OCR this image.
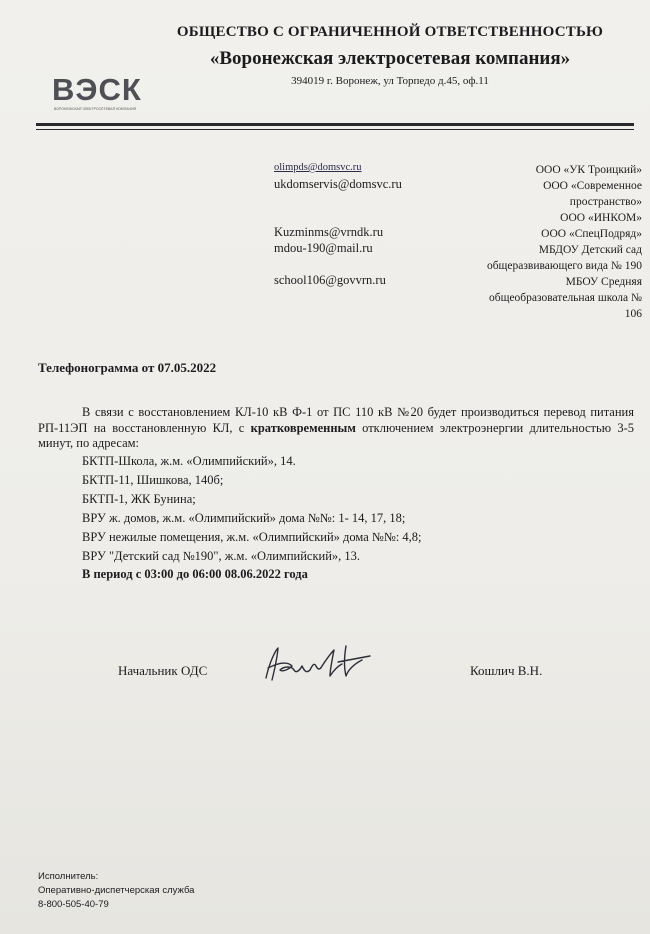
ОБЩЕСТВО С ОГРАНИЧЕННОЙ ОТВЕТСТВЕННОСТЬЮ
«Воронежская электросетевая компания»
394019 г. Воронеж, ул Торпедо д.45, оф.11
ВЭСК
ВОРОНЕЖСКАЯ ЭЛЕКТРОСЕТЕВАЯ КОМПАНИЯ
olimpds@domsvc.ru
ukdomservis@domsvc.ru
Kuzminms@vrndk.ru
mdou-190@mail.ru
school106@govvrn.ru
ООО «УК Троицкий»
ООО «Современное
пространство»
ООО «ИНКОМ»
ООО «СпецПодряд»
МБДОУ Детский сад
общеразвивающего вида № 190
МБОУ Средняя
общеобразовательная школа №
106
Телефонограмма от 07.05.2022
В связи с восстановлением КЛ-10 кВ Ф-1 от ПС 110 кВ №20 будет производиться перевод питания РП-11ЭП на восстановленную КЛ, с кратковременным отключением электроэнергии длительностью 3-5 минут, по адресам:
БКТП-Школа, ж.м. «Олимпийский», 14.
БКТП-11, Шишкова, 140б;
БКТП-1, ЖК Бунина;
ВРУ ж. домов, ж.м. «Олимпийский» дома №№: 1- 14, 17, 18;
ВРУ нежилые помещения, ж.м. «Олимпийский» дома №№: 4,8;
ВРУ "Детский сад №190", ж.м. «Олимпийский», 13.
В период с 03:00 до 06:00 08.06.2022 года
Начальник ОДС	Кошлич В.Н.
Исполнитель:
Оперативно-диспетчерская служба
8-800-505-40-79
